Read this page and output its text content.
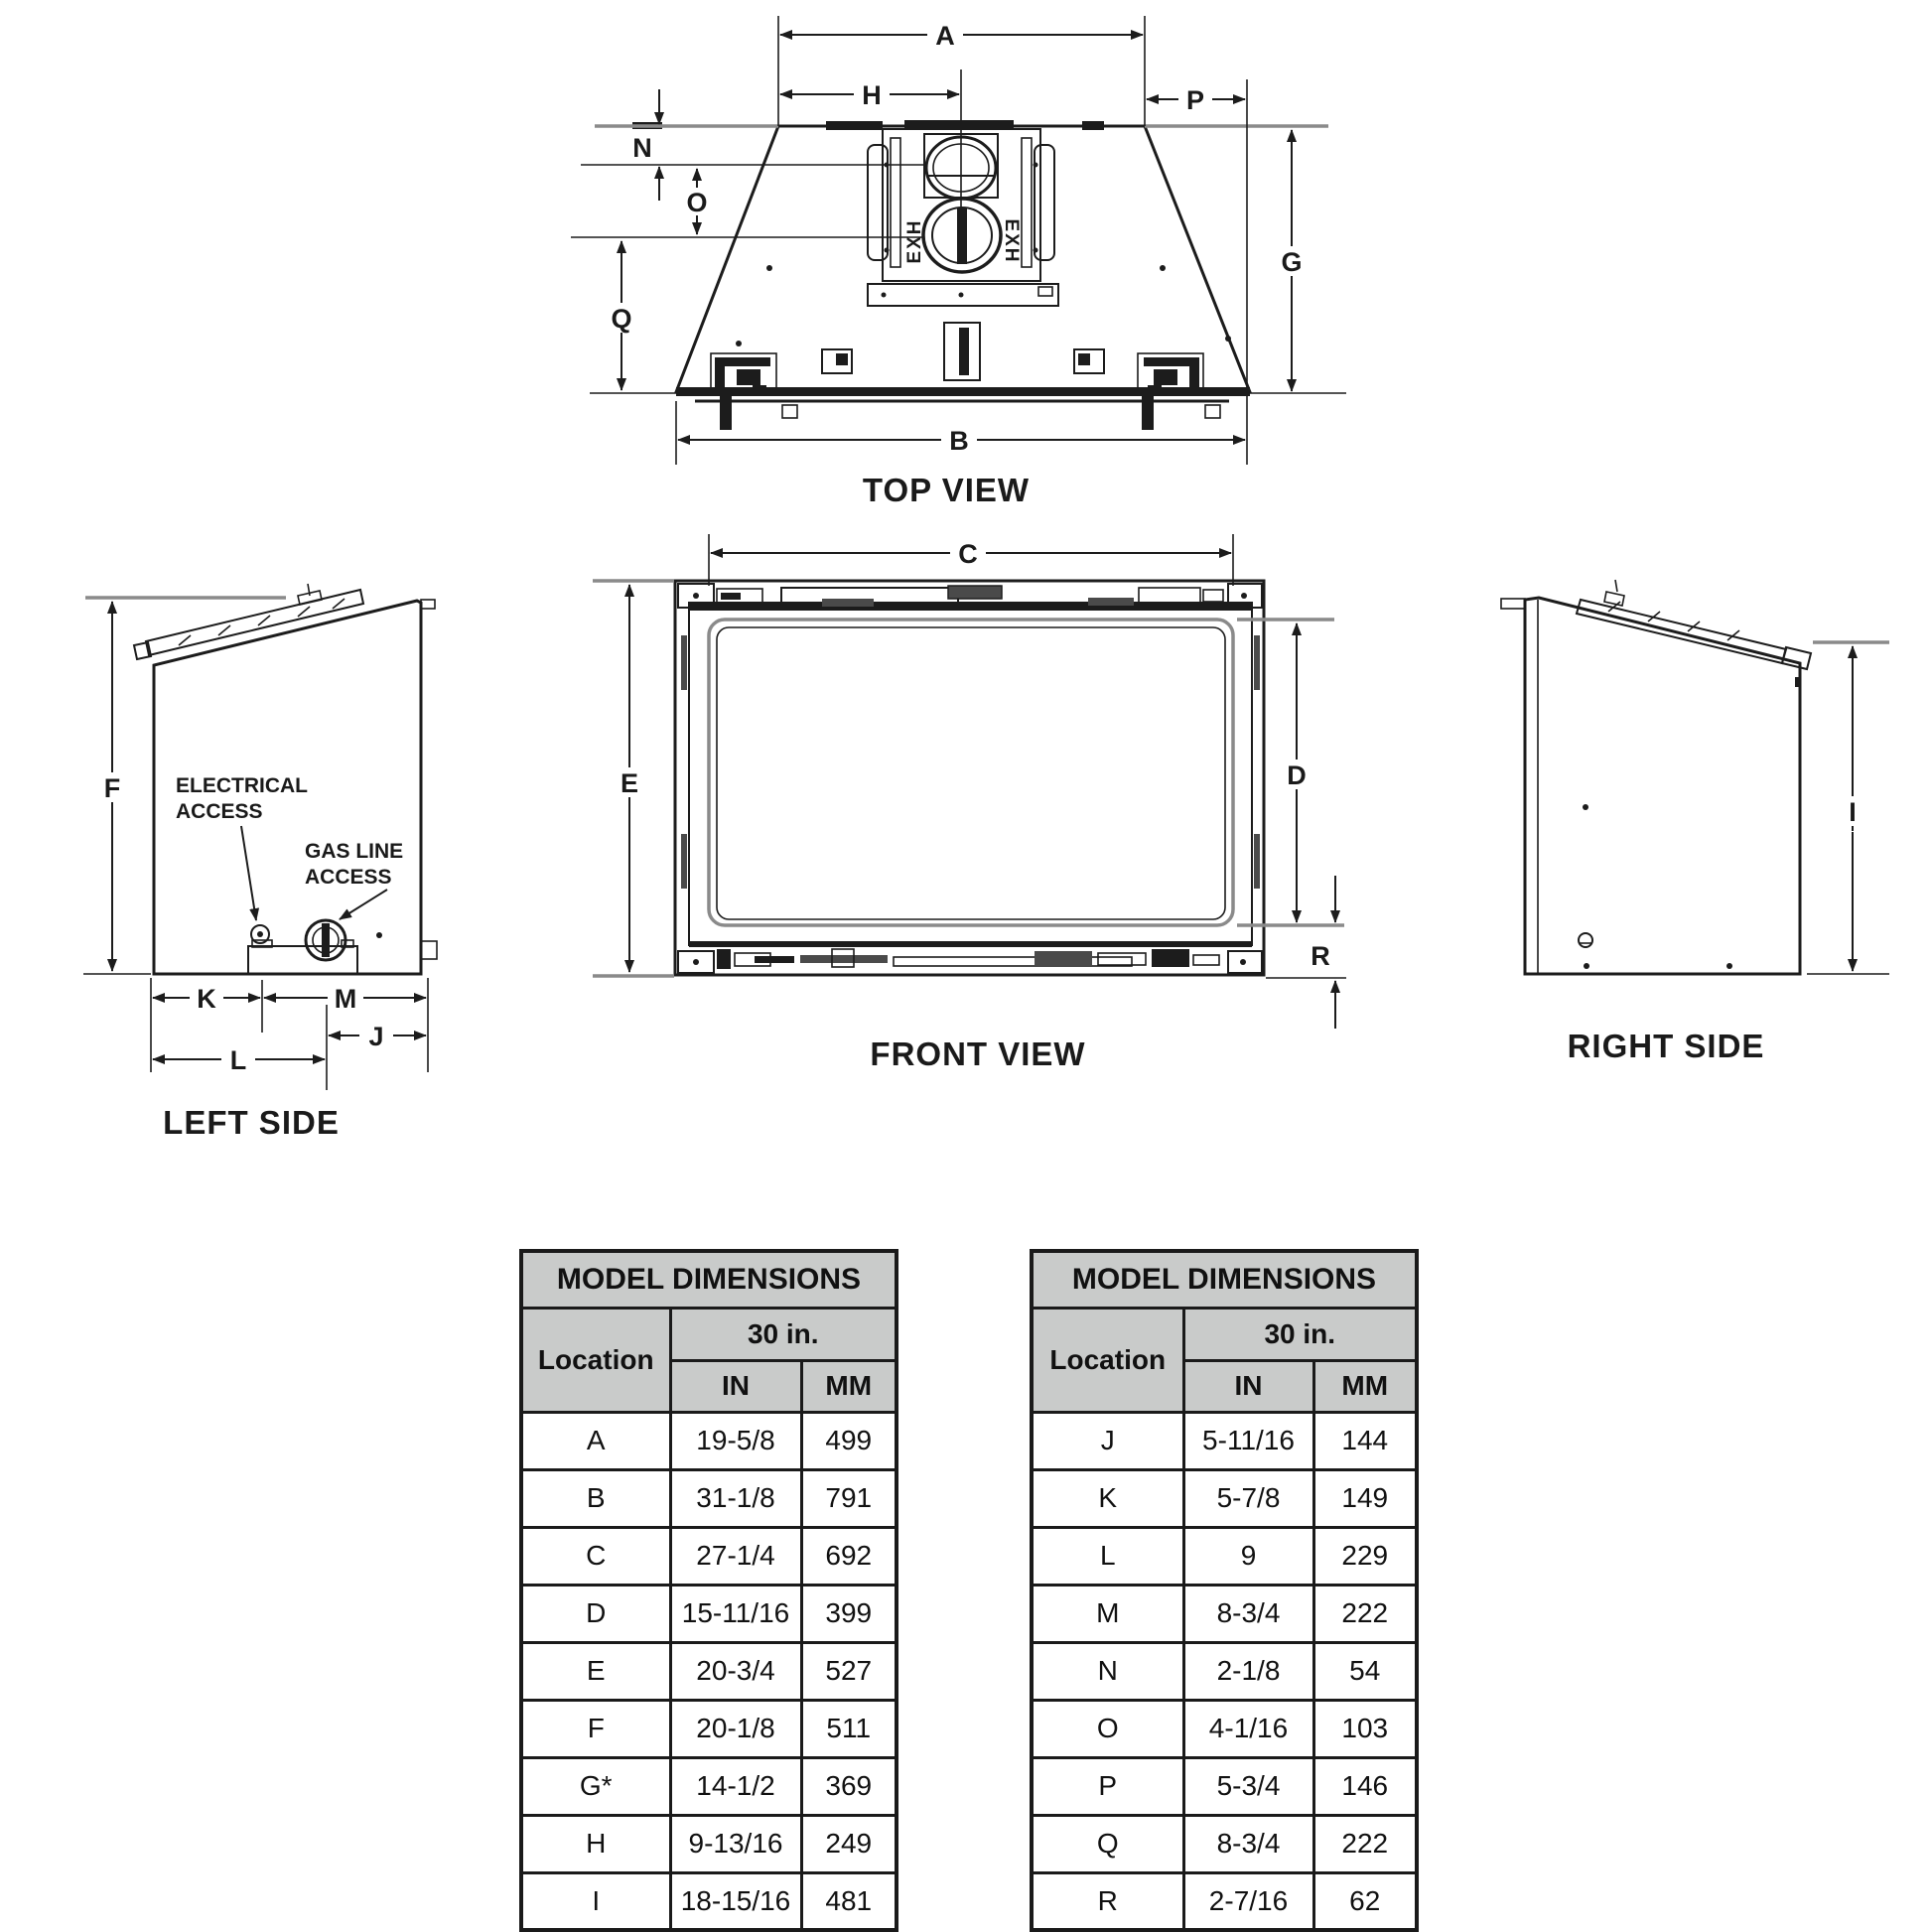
EXH	EXH
A
H	P
N
O
Q
G
B
TOP VIEW
C
E	D
R
FRONT VIEW
ELECTRICAL
ACCESS
GAS LINE
ACCESS
F
K	M
J
L
LEFT SIDE
I
RIGHT SIDE
MODEL DIMENSIONS		
Location	30 in.	
	IN	MM
A	19-5/8	499
B	31-1/8	791
C	27-1/4	692
D	15-11/16	399
E	20-3/4	527
F	20-1/8	511
G*	14-1/2	369
H	9-13/16	249
I	18-15/16	481
MODEL DIMENSIONS		
Location	30 in.	
	IN	MM
J	5-11/16	144
K	5-7/8	149
L	9	229
M	8-3/4	222
N	2-1/8	54
O	4-1/16	103
P	5-3/4	146
Q	8-3/4	222
R	2-7/16	62
